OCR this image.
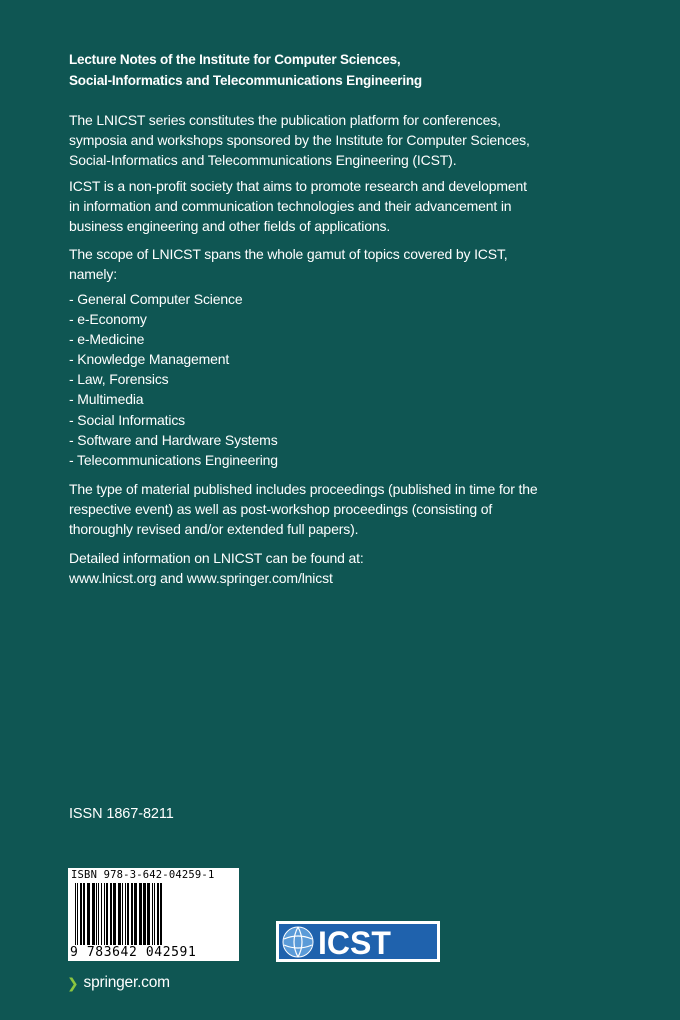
Lecture Notes of the Institute for Computer Sciences,
Social-Informatics and Telecommunications Engineering
The LNICST series constitutes the publication platform for conferences, symposia and workshops sponsored by the Institute for Computer Sciences, Social-Informatics and Telecommunications Engineering (ICST).
ICST is a non-profit society that aims to promote research and development in information and communication technologies and their advancement in business engineering and other fields of applications.
The scope of LNICST spans the whole gamut of topics covered by ICST, namely:
- General Computer Science
- e-Economy
- e-Medicine
- Knowledge Management
- Law, Forensics
- Multimedia
- Social Informatics
- Software and Hardware Systems
- Telecommunications Engineering
The type of material published includes proceedings (published in time for the respective event) as well as post-workshop proceedings (consisting of thoroughly revised and/or extended full papers).
Detailed information on LNICST can be found at:
www.lnicst.org and www.springer.com/lnicst
ISSN 1867-8211
ISBN 978-3-642-04259-1
9 783642 042591	ICST
❯ springer.com
